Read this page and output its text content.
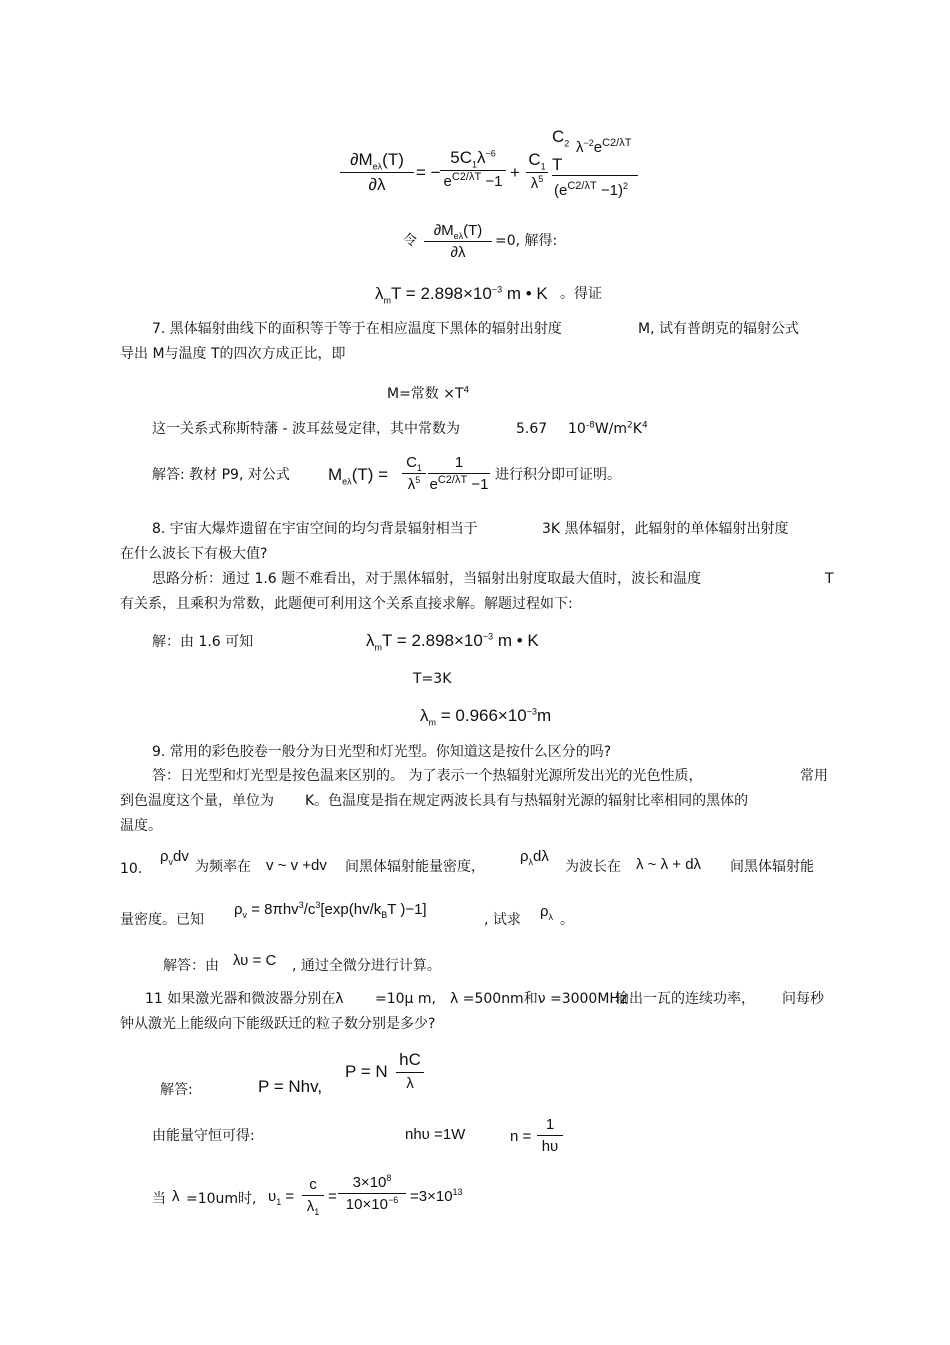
$\partial M_{e\lambda}(T)$
∂λ
= −
$5C_1\lambda^{-6}$
$e^{C2/\lambda T} -1$ +
$C_1$
$\lambda^5$
$C_2$ $\lambda^{-2}e^{C2/\lambda T}$
T
$(e^{C2/\lambda T} -1)^2$
令
$\partial M_{e\lambda}(T)$
∂λ
=0, 解得:
$\lambda_mT = 2.898\times 10^{-3}$ m • K 。得证
7. 黑体辐射曲线下的面积等于等于在相应温度下黑体的辐射出射度	M, 试有普朗克的辐射公式
导出 M与温度 T的四次方成正比，即
M=常数 $\times T^4$
这一关系式称斯特藩 - 波耳兹曼定律，其中常数为	5.67 $10^{-8}W/m^2K^4$
解答: 教材 P9, 对公式 $M_{e\lambda}(T)$ =
$C_1$
$\lambda^5$
1
$e^{C2/\lambda T} -1$
进行积分即可证明。
8. 宇宙大爆炸遗留在宇宙空间的均匀背景辐射相当于	3K 黑体辐射，此辐射的单体辐射出射度
在什么波长下有极大值?
思路分析：通过 1.6 题不难看出，对于黑体辐射，当辐射出射度取最大值时，波长和温度	T
有关系，且乘积为常数，此题便可利用这个关系直接求解。解题过程如下:
解：由 1.6 可知	$\lambda_mT = 2.898\times 10^{-3}$ m • K
T=3K
$\lambda_m = 0.966\times 10^{-3}m$
9. 常用的彩色胶卷一般分为日光型和灯光型。你知道这是按什么区分的吗?
答：日光型和灯光型是按色温来区别的。 为了表示一个热辐射光源所发出光的光色性质，	常用
到色温度这个量，单位为 K。色温度是指在规定两波长具有与热辐射光源的辐射比率相同的黑体的
温度。
10.
$\rho_vdv$
为频率在 v ~ v +dv 间黑体辐射能量密度，
$\rho_\lambda d\lambda$
为波长在 λ ~ λ + dλ 间黑体辐射能
量密度。已知
$\rho_v = 8\pi hv^3/c^3[\exp(hv/k_BT$ )−1]
, 试求 $\rho_\lambda$ 。
解答：由 λυ = C , 通过全微分进行计算。
11 如果激光器和微波器分别在λ =10μ m, λ =500nm和ν =3000MHz
输出一瓦的连续功率， 问每秒
钟从激光上能级向下能级跃迁的粒子数分别是多少?
解答:	P = Nhv,
P = N
hC
λ
由能量守恒可得:	nhυ =1W	n =
1
hυ
当 λ =10um时, $\upsilon_1$ =
c
$\lambda_1$
=
$3\times 10^8$
$10\times 10^{-6} =3\times 10^{13}$
